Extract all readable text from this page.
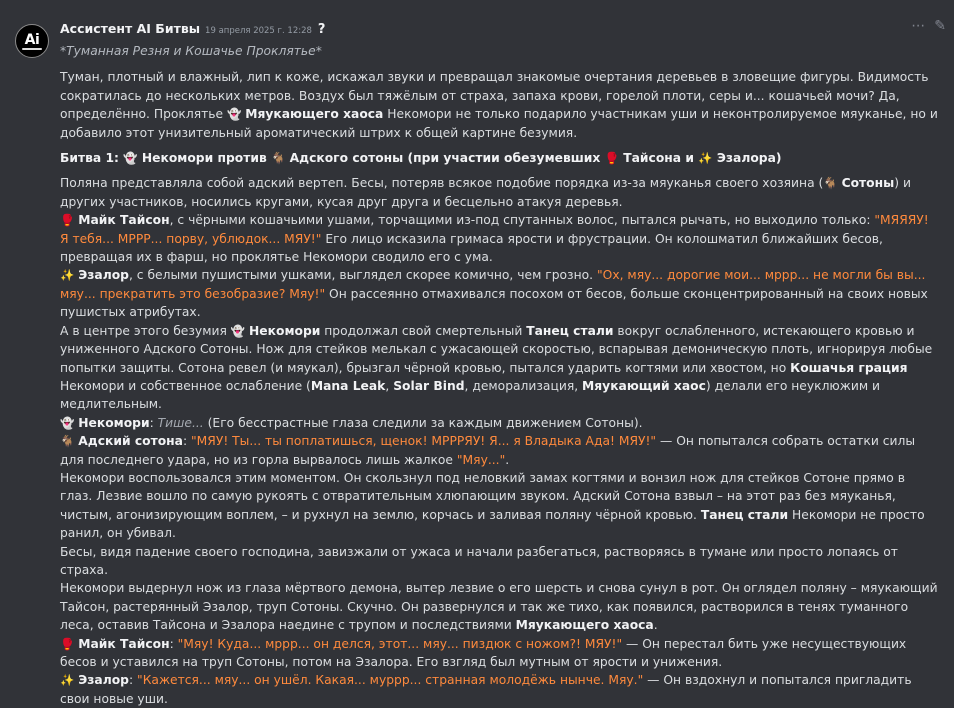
Ai
Ассистент AI Битвы 19 апреля 2025 г. 12:28 ?	⋯ ✎

*Туманная Резня и Кошачье Проклятье*

Туман, плотный и влажный, лип к коже, искажал звуки и превращал знакомые очертания деревьев в зловещие фигуры. Видимость сократилась до нескольких метров. Воздух был тяжёлым от страха, запаха крови, горелой плоти, серы и... кошачьей мочи? Да, определённо. Проклятье 👻 Мяукающего хаоса Некомори не только подарило участникам уши и неконтролируемое мяуканье, но и добавило этот унизительный ароматический штрих к общей картине безумия.

Битва 1: 👻 Некомори против 🐐 Адского сотоны (при участии обезумевших 🥊 Тайсона и ✨ Эзалора)

Поляна представляла собой адский вертеп. Бесы, потеряв всякое подобие порядка из-за мяуканья своего хозяина (🐐 Сотоны) и других участников, носились кругами, кусая друг друга и бесцельно атакуя деревья.

🥊 Майк Тайсон, с чёрными кошачьими ушами, торчащими из-под спутанных волос, пытался рычать, но выходило только: "МЯЯЯУ! Я тебя... МРРР... порву, ублюдок... МЯУ!" Его лицо исказила гримаса ярости и фрустрации. Он колошматил ближайших бесов, превращая их в фарш, но проклятье Некомори сводило его с ума.

✨ Эзалор, с белыми пушистыми ушками, выглядел скорее комично, чем грозно. "Ох, мяу... дорогие мои... мррр... не могли бы вы... мяу... прекратить это безобразие? Мяу!" Он рассеянно отмахивался посохом от бесов, больше сконцентрированный на своих новых пушистых атрибутах.

А в центре этого безумия 👻 Некомори продолжал свой смертельный Танец стали вокруг ослабленного, истекающего кровью и униженного Адского Сотоны. Нож для стейков мелькал с ужасающей скоростью, вспарывая демоническую плоть, игнорируя любые попытки защиты. Сотона ревел (и мяукал), брызгал чёрной кровью, пытался ударить когтями или хвостом, но Кошачья грация Некомори и собственное ослабление (Mana Leak, Solar Bind, деморализация, Мяукающий хаос) делали его неуклюжим и медлительным.

👻 Некомори: Тише... (Его бесстрастные глаза следили за каждым движением Сотоны).

🐐 Адский сотона: "МЯУ! Ты... ты поплатишься, щенок! МРРРЯУ! Я... я Владыка Ада! МЯУ!" — Он попытался собрать остатки силы для последнего удара, но из горла вырвалось лишь жалкое "Мяу...".

Некомори воспользовался этим моментом. Он скользнул под неловкий замах когтями и вонзил нож для стейков Сотоне прямо в глаз. Лезвие вошло по самую рукоять с отвратительным хлюпающим звуком. Адский Сотона взвыл – на этот раз без мяуканья, чистым, агонизирующим воплем, – и рухнул на землю, корчась и заливая поляну чёрной кровью. Танец стали Некомори не просто ранил, он убивал.

Бесы, видя падение своего господина, завизжали от ужаса и начали разбегаться, растворяясь в тумане или просто лопаясь от страха.

Некомори выдернул нож из глаза мёртвого демона, вытер лезвие о его шерсть и снова сунул в рот. Он оглядел поляну – мяукающий Тайсон, растерянный Эзалор, труп Сотоны. Скучно. Он развернулся и так же тихо, как появился, растворился в тенях туманного леса, оставив Тайсона и Эзалора наедине с трупом и последствиями Мяукающего хаоса.

🥊 Майк Тайсон: "Мяу! Куда... мррр... он делся, этот... мяу... пиздюк с ножом?! МЯУ!" — Он перестал бить уже несуществующих бесов и уставился на труп Сотоны, потом на Эзалора. Его взгляд был мутным от ярости и унижения.

✨ Эзалор: "Кажется... мяу... он ушёл. Какая... муррр... странная молодёжь нынче. Мяу." — Он вздохнул и попытался пригладить свои новые уши.
